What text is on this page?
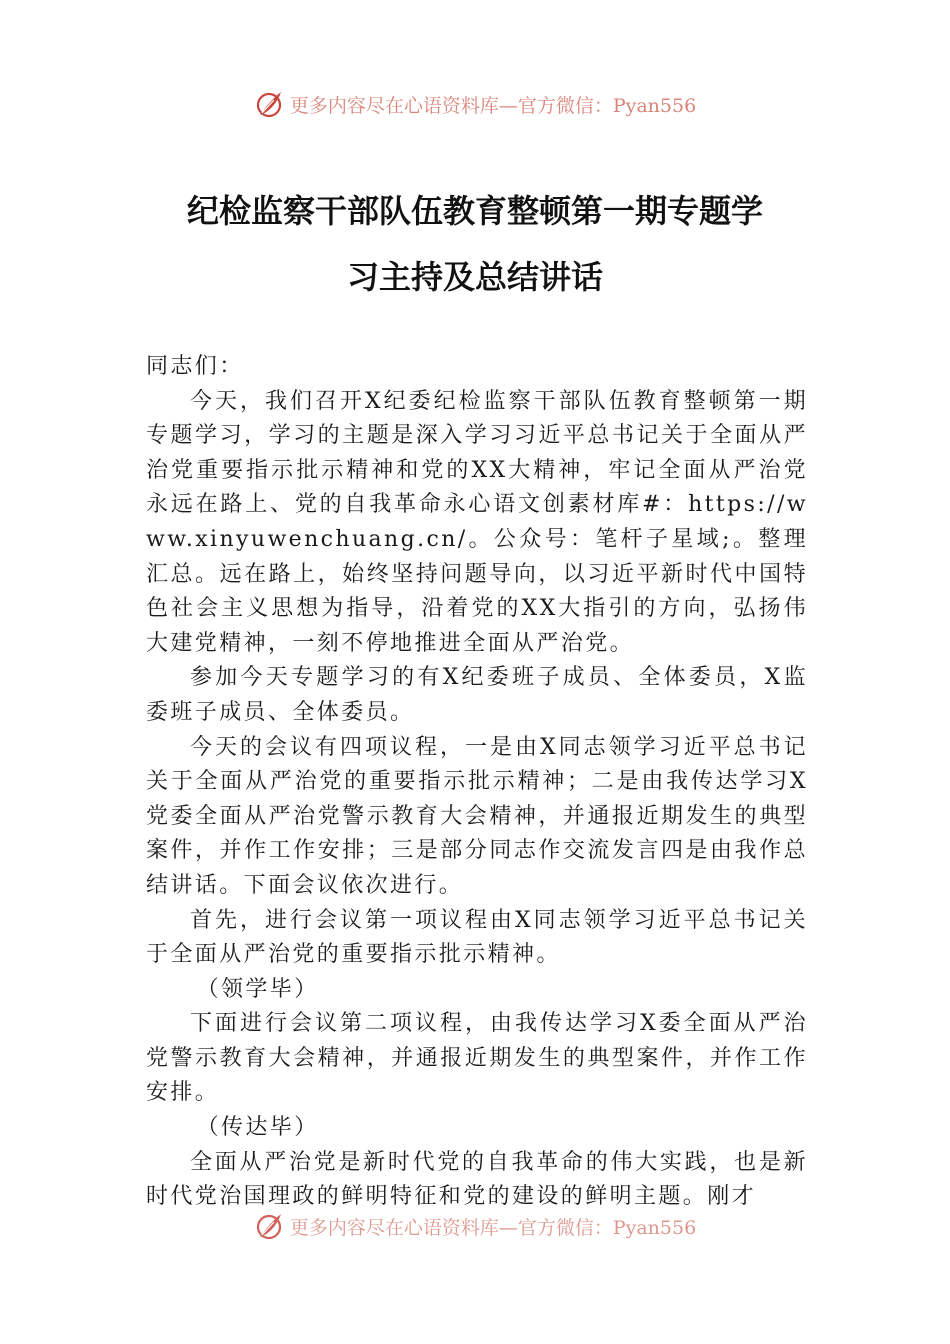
更多内容尽在心语资料库—官方微信：Pyan556
纪检监察干部队伍教育整顿第一期专题学
习主持及总结讲话

同志们：

今天，我们召开X纪委纪检监察干部队伍教育整顿第一期专题学习，学习的主题是深入学习习近平总书记关于全面从严治党重要指示批示精神和党的XX大精神，牢记全面从严治党永远在路上、党的自我革命永心语文创素材库#：https://www.xinyuwenchuang.cn/。公众号：笔杆子星域;。整理汇总。远在路上，始终坚持问题导向，以习近平新时代中国特色社会主义思想为指导，沿着党的XX大指引的方向，弘扬伟大建党精神，一刻不停地推进全面从严治党。

参加今天专题学习的有X纪委班子成员、全体委员，X监委班子成员、全体委员。

今天的会议有四项议程，一是由X同志领学习近平总书记关于全面从严治党的重要指示批示精神；二是由我传达学习X党委全面从严治党警示教育大会精神，并通报近期发生的典型案件，并作工作安排；三是部分同志作交流发言四是由我作总结讲话。下面会议依次进行。

首先，进行会议第一项议程由X同志领学习近平总书记关于全面从严治党的重要指示批示精神。

（领学毕）

下面进行会议第二项议程，由我传达学习X委全面从严治党警示教育大会精神，并通报近期发生的典型案件，并作工作安排。

（传达毕）

全面从严治党是新时代党的自我革命的伟大实践，也是新时代党治国理政的鲜明特征和党的建设的鲜明主题。刚才

更多内容尽在心语资料库—官方微信：Pyan556
